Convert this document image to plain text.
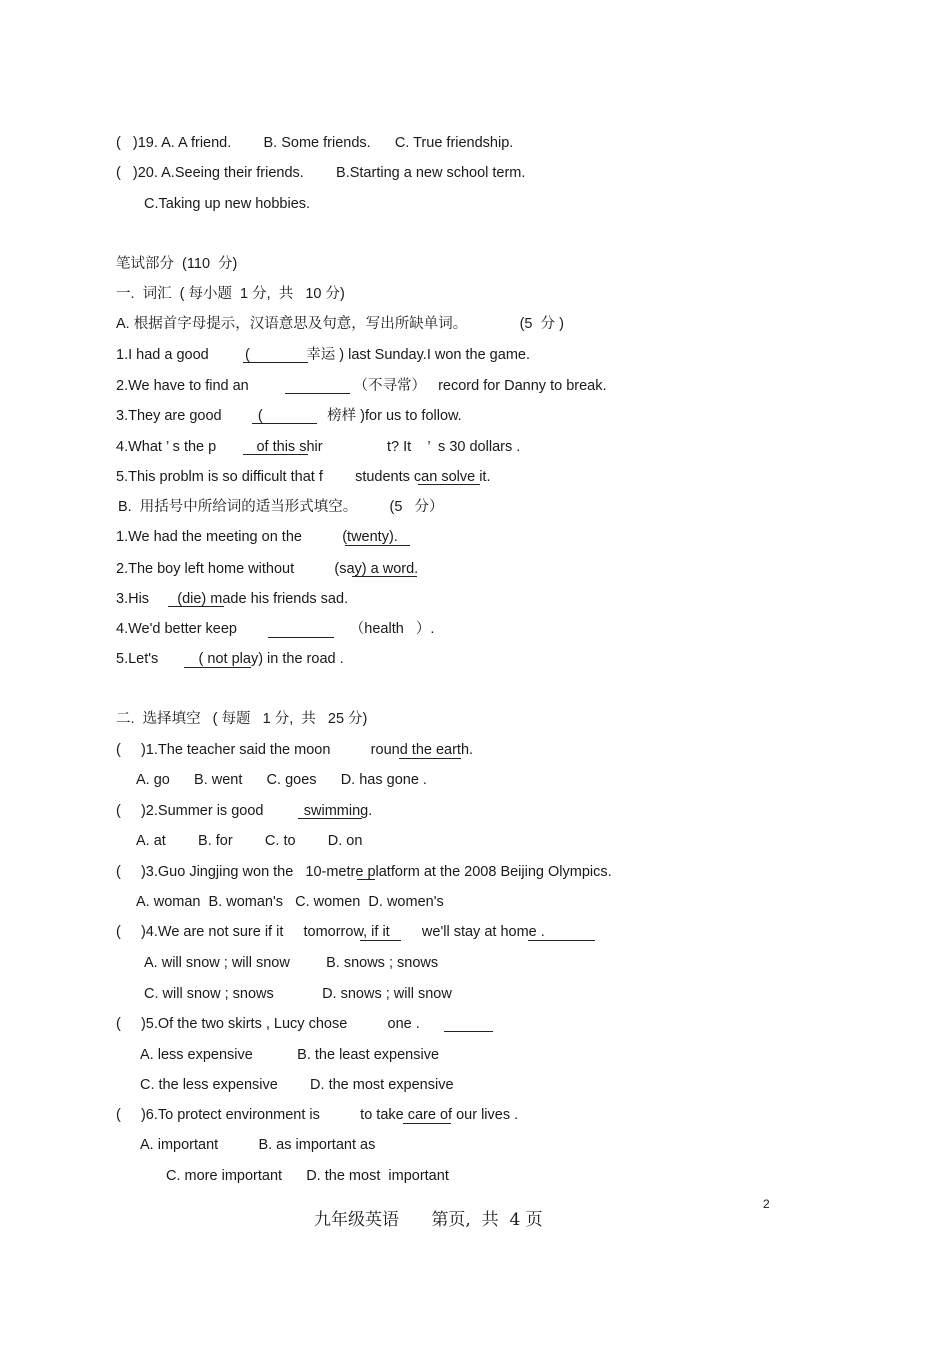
(   )19. A. A friend.        B. Some friends.      C. True friendship.
(   )20. A.Seeing their friends.        B.Starting a new school term.
C.Taking up new hobbies.
笔试部分  (110  分)
一.  词汇  ( 每小题  1 分,  共   10 分)
A. 根据首字母提示，汉语意思及句意，写出所缺单词。             (5  分 )
1.I had a good         (              幸运 ) last Sunday.I won the game.
2.We have to find an                          （不寻常）   record for Danny to break.
3.They are good         (                榜样 )for us to follow.
4.What ’ s the p          of this shir                t? It    ’  s 30 dollars .
5.This problm is so difficult that f        students can solve it.
B.  用括号中所给词的适当形式填空。        (5   分）
1.We had the meeting on the          (twenty).
2.The boy left home without          (say) a word.
3.His       (die) made his friends sad.
4.We'd better keep                            （health   ）.
5.Let's          ( not play) in the road .
二.  选择填空   ( 每题   1 分,  共   25 分)
(     )1.The teacher said the moon          round the earth.
A. go      B. went      C. goes      D. has gone .
(     )2.Summer is good          swimming.
A. at        B. for        C. to        D. on
(     )3.Guo Jingjing won the   10-metre platform at the 2008 Beijing Olympics.
A. woman  B. woman's   C. women  D. women's
(     )4.We are not sure if it     tomorrow, if it        we'll stay at home .
A. will snow ; will snow         B. snows ; snows
C. will snow ; snows            D. snows ; will snow
(     )5.Of the two skirts , Lucy chose          one .
A. less expensive           B. the least expensive
C. the less expensive        D. the most expensive
(     )6.To protect environment is          to take care of our lives .
A. important          B. as important as
C. more important      D. the most  important
2
九年级英语      第页,  共  4 页
